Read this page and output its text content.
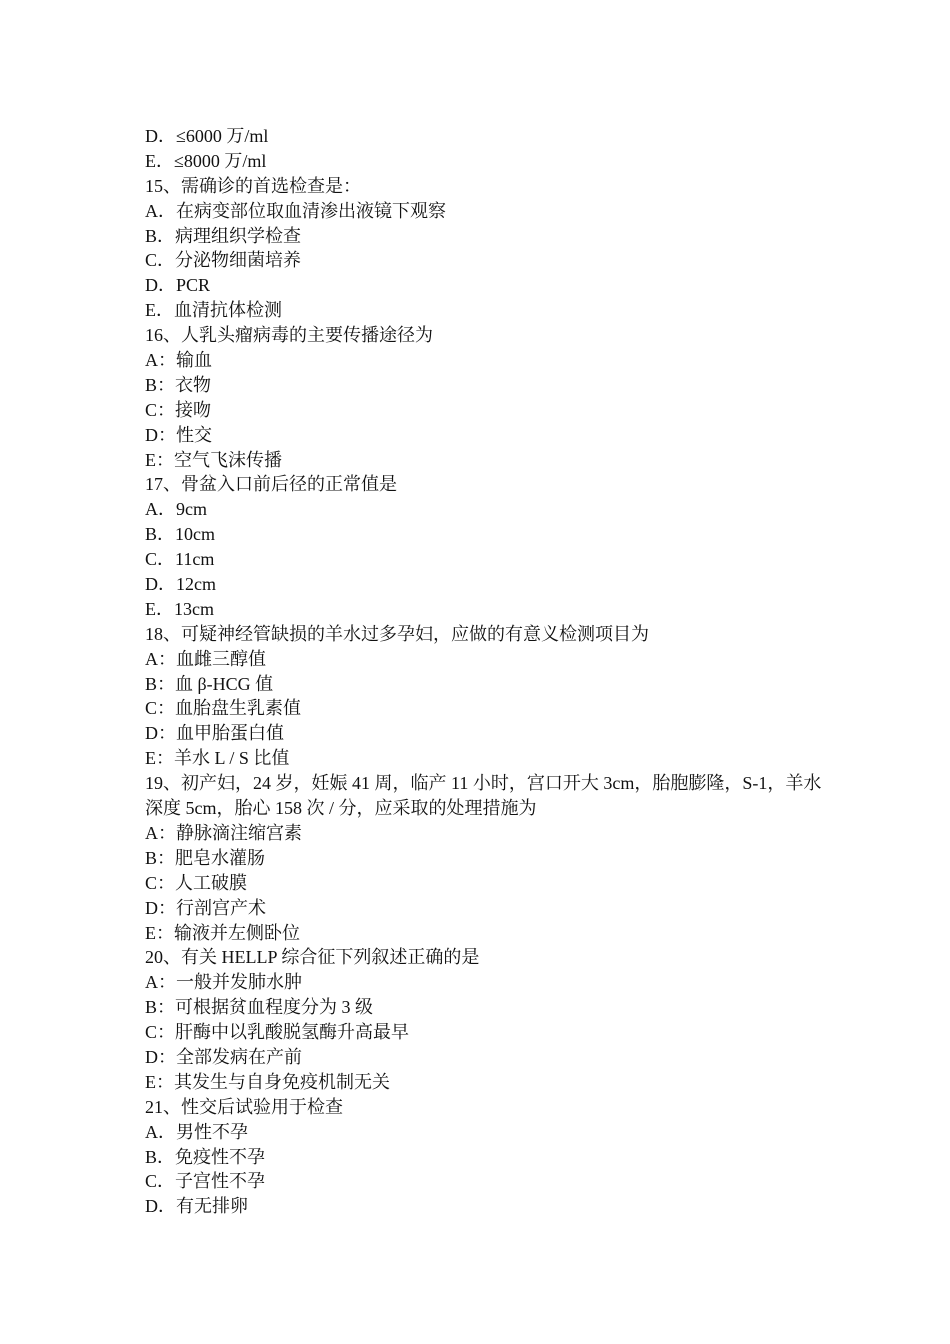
D．≤6000 万/ml
E．≤8000 万/ml
15、需确诊的首选检查是：
A．在病变部位取血清渗出液镜下观察
B．病理组织学检查
C．分泌物细菌培养
D．PCR
E．血清抗体检测
16、人乳头瘤病毒的主要传播途径为
A：输血
B：衣物
C：接吻
D：性交
E：空气飞沫传播
17、骨盆入口前后径的正常值是
A．9cm
B．10cm
C．11cm
D．12cm
E．13cm
18、可疑神经管缺损的羊水过多孕妇，应做的有意义检测项目为
A：血雌三醇值
B：血 β-HCG 值
C：血胎盘生乳素值
D：血甲胎蛋白值
E：羊水 L / S 比值
19、初产妇，24 岁，妊娠 41 周，临产 11 小时，宫口开大 3cm，胎胞膨隆，S-1，羊水
深度 5cm，胎心 158 次 / 分，应采取的处理措施为
A：静脉滴注缩宫素
B：肥皂水灌肠
C：人工破膜
D：行剖宫产术
E：输液并左侧卧位
20、有关 HELLP 综合征下列叙述正确的是
A：一般并发肺水肿
B：可根据贫血程度分为 3 级
C：肝酶中以乳酸脱氢酶升高最早
D：全部发病在产前
E：其发生与自身免疫机制无关
21、性交后试验用于检查
A．男性不孕
B．免疫性不孕
C．子宫性不孕
D．有无排卵
